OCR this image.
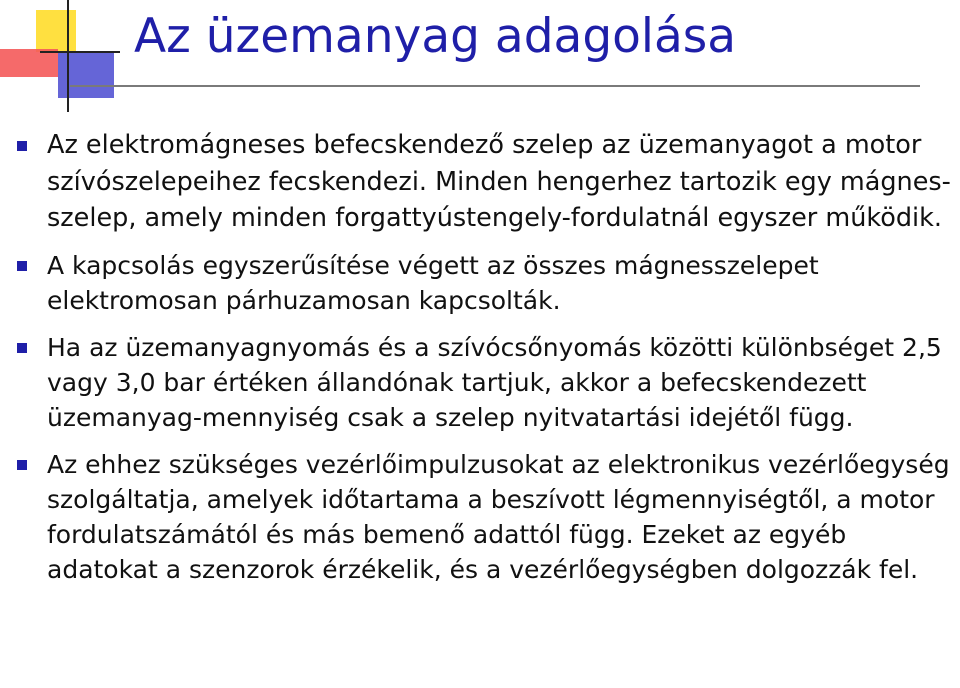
Az üzemanyag adagolása
Az elektromágneses befecskendező szelep az üzemanyagot a motor szívószelepeihez fecskendezi. Minden hengerhez tartozik egy mágnes-szelep, amely minden forgattyústengely-fordulatnál egyszer működik.
A kapcsolás egyszerűsítése végett az összes mágnesszelepet elektromosan párhuzamosan kapcsolták.
Ha az üzemanyagnyomás és a szívócsőnyomás közötti különbséget 2,5 vagy 3,0 bar értéken állandónak tartjuk, akkor a befecskendezett üzemanyag-mennyiség csak a szelep nyitvatartási idejétől függ.
Az ehhez szükséges vezérlőimpulzusokat az elektronikus vezérlőegység szolgáltatja, amelyek időtartama a beszívott légmennyiségtől, a motor fordulatszámától és más bemenő adattól függ. Ezeket az egyéb adatokat a szenzorok érzékelik, és a vezérlőegységben dolgozzák fel.
